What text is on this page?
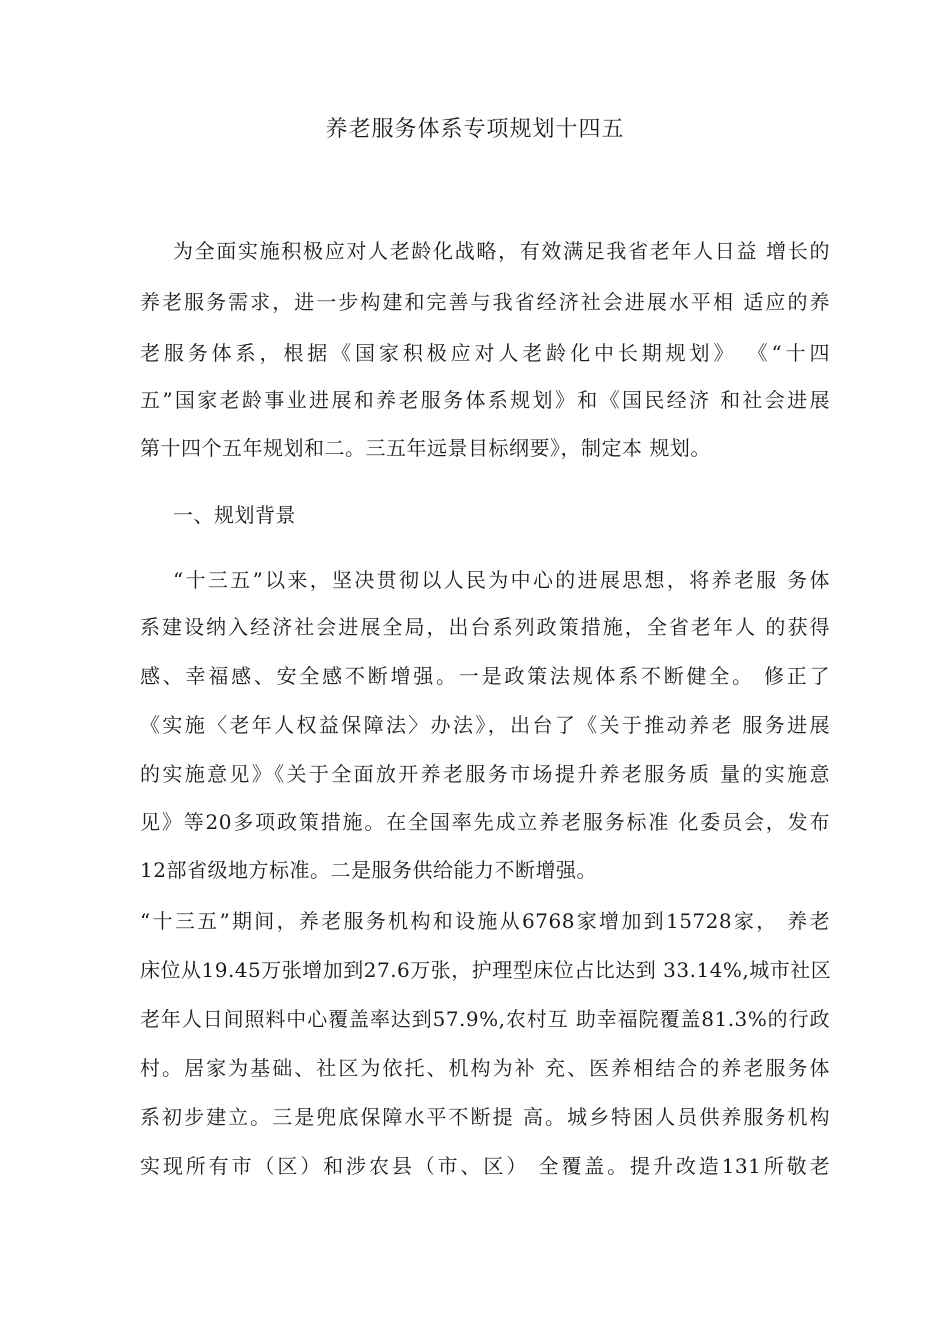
养老服务体系专项规划十四五
为全面实施积极应对人老龄化战略，有效满足我省老年人日益 增长的
养老服务需求，进一步构建和完善与我省经济社会进展水平相 适应的养
老服务体系，根据《国家积极应对人老龄化中长期规划》 《“十四
五”国家老龄事业进展和养老服务体系规划》和《国民经济 和社会进展
第十四个五年规划和二。三五年远景目标纲要》，制定本 规划。
一、规划背景
“十三五”以来，坚决贯彻以人民为中心的进展思想，将养老服 务体
系建设纳入经济社会进展全局，出台系列政策措施，全省老年人 的获得
感、幸福感、安全感不断增强。一是政策法规体系不断健全。 修正了
《实施〈老年人权益保障法〉办法》，出台了《关于推动养老 服务进展
的实施意见》《关于全面放开养老服务市场提升养老服务质 量的实施意
见》等20多项政策措施。在全国率先成立养老服务标准 化委员会，发布
12部省级地方标准。二是服务供给能力不断增强。
“十三五”期间，养老服务机构和设施从6768家增加到15728家， 养老
床位从19.45万张增加到27.6万张，护理型床位占比达到 33.14%,城市社区
老年人日间照料中心覆盖率达到57.9%,农村互 助幸福院覆盖81.3%的行政
村。居家为基础、社区为依托、机构为补 充、医养相结合的养老服务体
系初步建立。三是兜底保障水平不断提 高。城乡特困人员供养服务机构
实现所有市（区）和涉农县（市、区） 全覆盖。提升改造131所敬老
